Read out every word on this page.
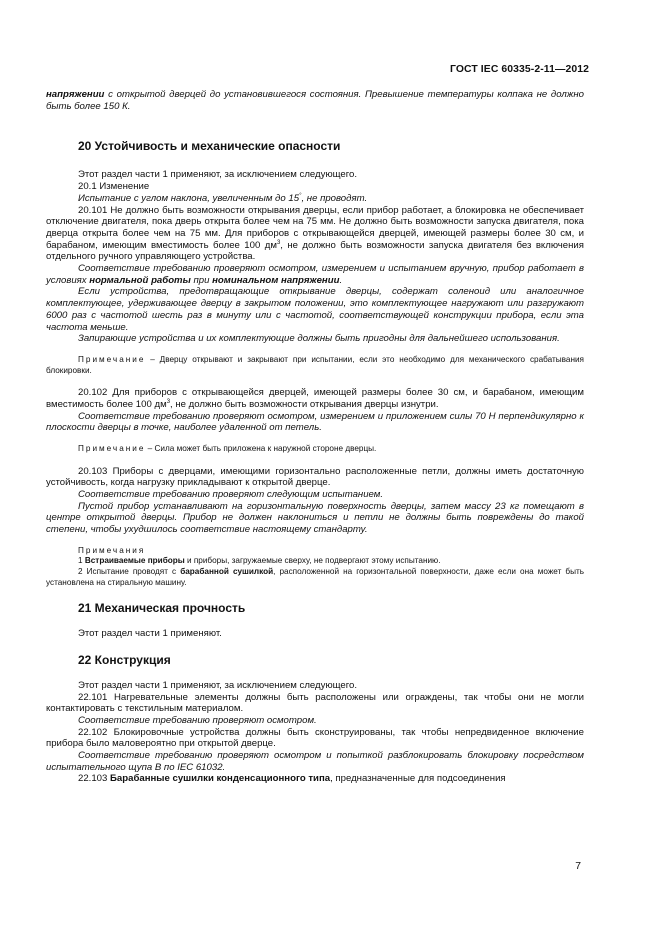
ГОСТ IEC 60335-2-11—2012

напряжении с открытой дверцей до установившегося состояния. Превышение температуры колпака не должно быть более 150 К.

20 Устойчивость и механические опасности

Этот раздел части 1 применяют, за исключением следующего.

20.1 Изменение

Испытание с углом наклона, увеличенным до 15°, не проводят.

20.101 Не должно быть возможности открывания дверцы, если прибор работает, а блокировка не обеспечивает отключение двигателя, пока дверь открыта более чем на 75 мм. Не должно быть возможности запуска двигателя, пока дверца открыта более чем на 75 мм. Для приборов с открывающейся дверцей, имеющей размеры более 30 см, и барабаном, имеющим вместимость более 100 $дм^3$, не должно быть возможности запуска двигателя без включения отдельного ручного управляющего устройства.

Соответствие требованию проверяют осмотром, измерением и испытанием вручную, прибор работает в условиях нормальной работы при номинальном напряжении.

Если устройства, предотвращающие открывание дверцы, содержат соленоид или аналогичное комплектующее, удерживающее дверцу в закрытом положении, это комплектующее нагружают или разгружают 6000 раз с частотой шесть раз в минуту или с частотой, соответствующей конструкции прибора, если эта частота меньше.

Запирающие устройства и их комплектующие должны быть пригодны для дальнейшего использования.

Примечание – Дверцу открывают и закрывают при испытании, если это необходимо для механического срабатывания блокировки.

20.102 Для приборов с открывающейся дверцей, имеющей размеры более 30 см, и барабаном, имеющим вместимость более 100 $дм^3$, не должно быть возможности открывания дверцы изнутри.

Соответствие требованию проверяют осмотром, измерением и приложением силы 70 Н перпендикулярно к плоскости дверцы в точке, наиболее удаленной от петель.

Примечание – Сила может быть приложена к наружной стороне дверцы.

20.103 Приборы с дверцами, имеющими горизонтально расположенные петли, должны иметь достаточную устойчивость, когда нагрузку прикладывают к открытой дверце.

Соответствие требованию проверяют следующим испытанием.

Пустой прибор устанавливают на горизонтальную поверхность дверцы, затем массу 23 кг помещают в центре открытой дверцы. Прибор не должен наклониться и петли не должны быть повреждены до такой степени, чтобы ухудшилось соответствие настоящему стандарту.

Примечания

1 Встраиваемые приборы и приборы, загружаемые сверху, не подвергают этому испытанию.

2 Испытание проводят с барабанной сушилкой, расположенной на горизонтальной поверхности, даже если она может быть установлена на стиральную машину.

21 Механическая прочность

Этот раздел части 1 применяют.

22 Конструкция

Этот раздел части 1 применяют, за исключением следующего.

22.101 Нагревательные элементы должны быть расположены или ограждены, так чтобы они не могли контактировать с текстильным материалом.

Соответствие требованию проверяют осмотром.

22.102 Блокировочные устройства должны быть сконструированы, так чтобы непредвиденное включение прибора было маловероятно при открытой дверце.

Соответствие требованию проверяют осмотром и попыткой разблокировать блокировку посредством испытательного щупа В по IEC 61032.

22.103 Барабанные сушилки конденсационного типа, предназначенные для подсоединения

7
